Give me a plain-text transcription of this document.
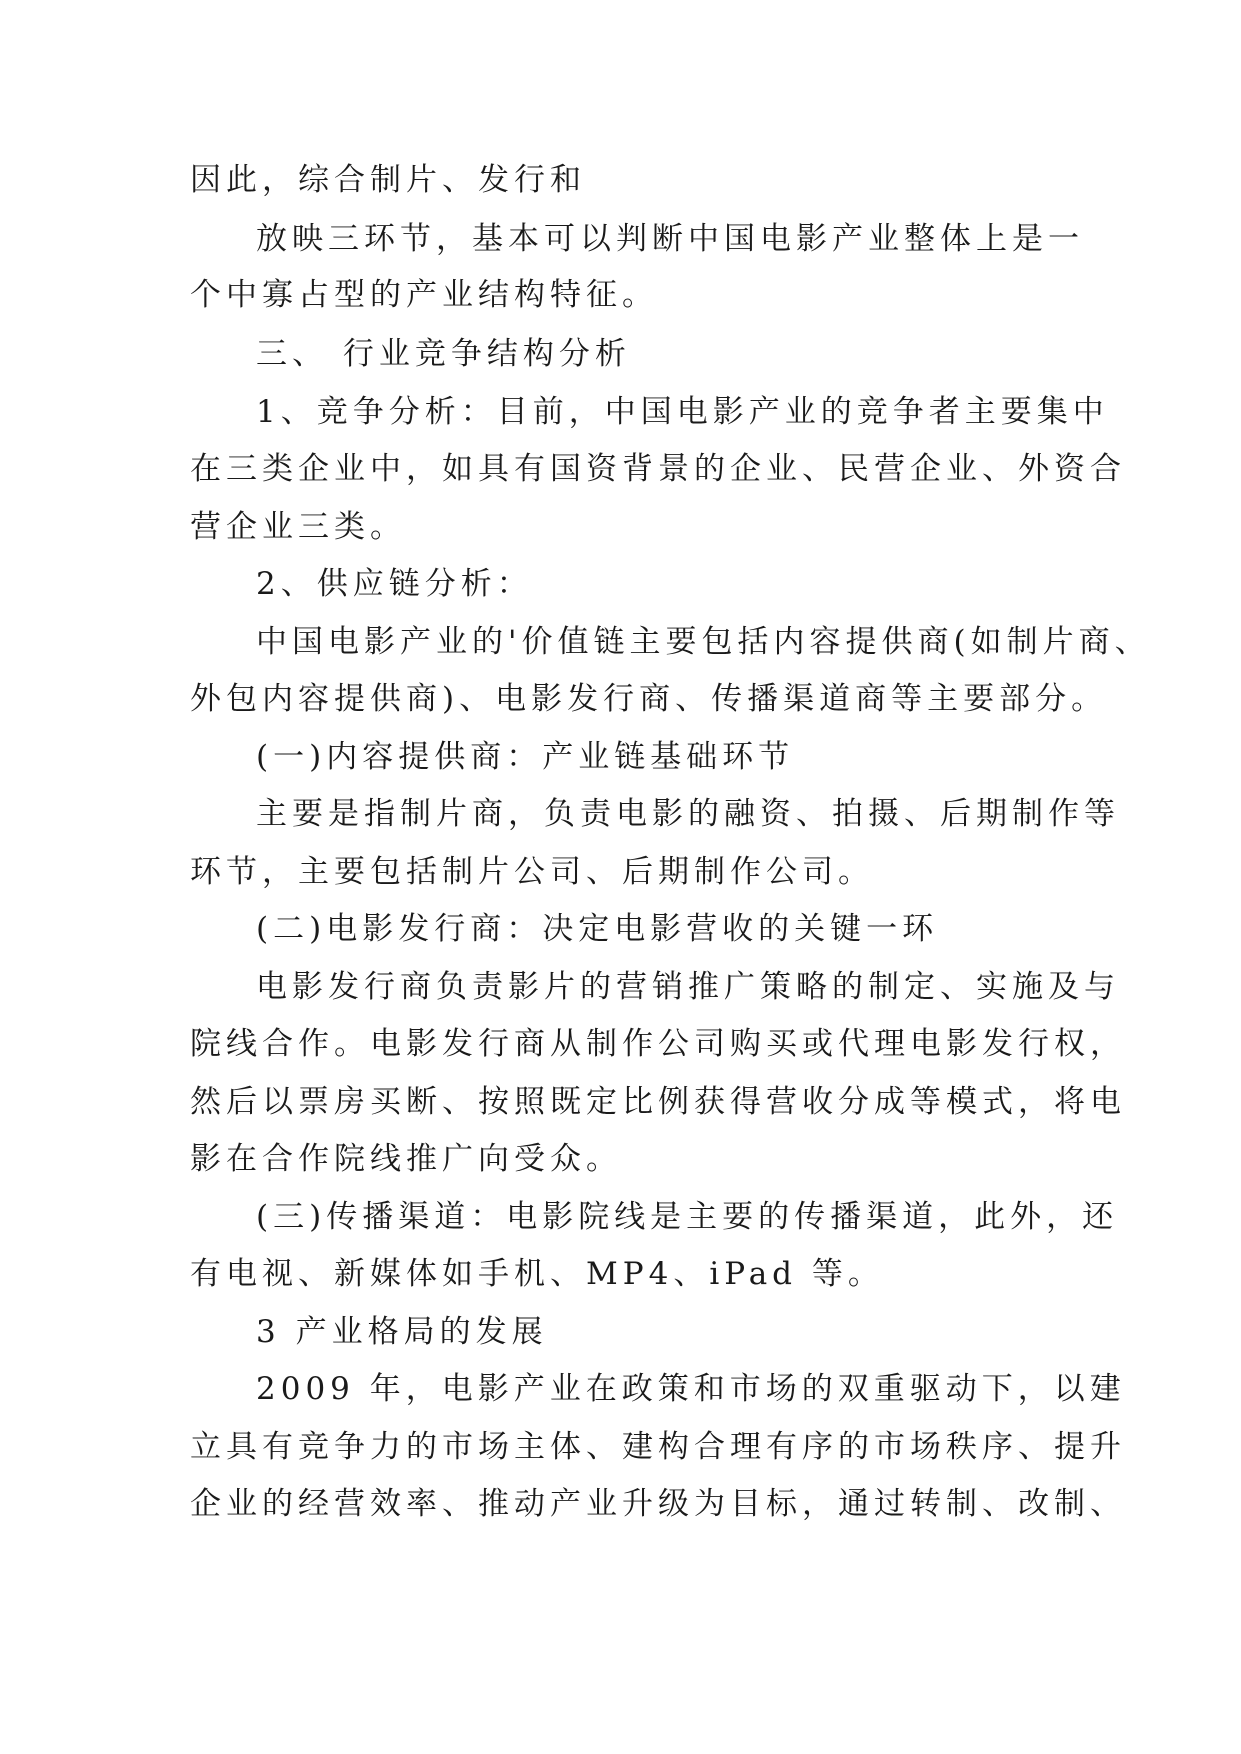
因此，综合制片、发行和
放映三环节，基本可以判断中国电影产业整体上是一
个中寡占型的产业结构特征。
三、 行业竞争结构分析
1、竞争分析：目前，中国电影产业的竞争者主要集中
在三类企业中，如具有国资背景的企业、民营企业、外资合
营企业三类。
2、供应链分析：
中国电影产业的'价值链主要包括内容提供商(如制片商、
外包内容提供商)、电影发行商、传播渠道商等主要部分。
(一)内容提供商：产业链基础环节
主要是指制片商，负责电影的融资、拍摄、后期制作等
环节，主要包括制片公司、后期制作公司。
(二)电影发行商：决定电影营收的关键一环
电影发行商负责影片的营销推广策略的制定、实施及与
院线合作。电影发行商从制作公司购买或代理电影发行权，
然后以票房买断、按照既定比例获得营收分成等模式，将电
影在合作院线推广向受众。
(三)传播渠道：电影院线是主要的传播渠道，此外，还
有电视、新媒体如手机、MP4、iPad 等。
3 产业格局的发展
2009 年，电影产业在政策和市场的双重驱动下，以建
立具有竞争力的市场主体、建构合理有序的市场秩序、提升
企业的经营效率、推动产业升级为目标，通过转制、改制、
